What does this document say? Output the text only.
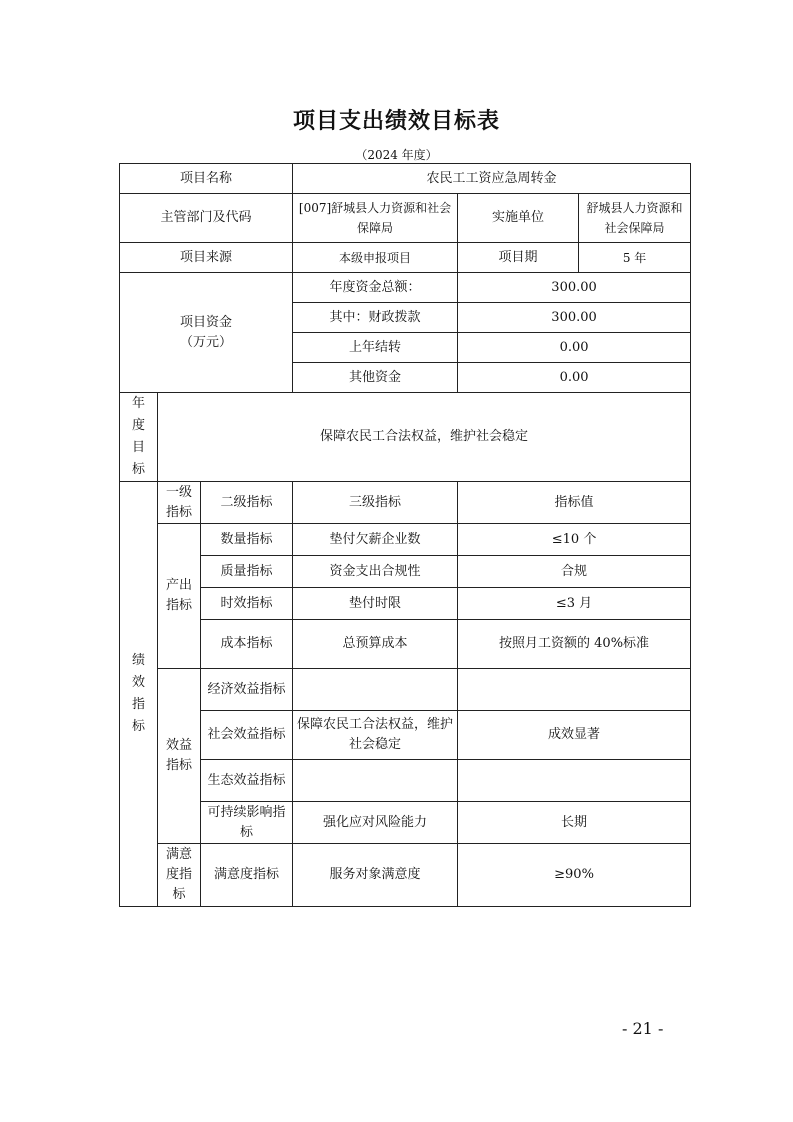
项目支出绩效目标表
（2024 年度）
项目名称			农民工工资应急周转金		
主管部门及代码			[007]舒城县人力资源和社会保障局	实施单位	舒城县人力资源和社会保障局
项目来源			本级申报项目	项目期	5 年

项目资金
（万元）			年度资金总额：	300.00	
			其中：财政拨款	300.00	
			上年结转	0.00	
			其他资金	0.00	
年度目标	保障农民工合法权益，维护社会稳定				
绩效指标	一级指标	二级指标	三级指标	指标值	
	产出指标	数量指标	垫付欠薪企业数	≤10 个	
		质量指标	资金支出合规性	合规	
		时效指标	垫付时限	≤3 月	
		成本指标	总预算成本	按照月工资额的 40%标准	
	效益指标	经济效益指标			
		社会效益指标	保障农民工合法权益，维护社会稳定	成效显著	
		生态效益指标			
		可持续影响指标	强化应对风险能力	长期	
	满意度指标	满意度指标	服务对象满意度	≥90%	
- 21 -
